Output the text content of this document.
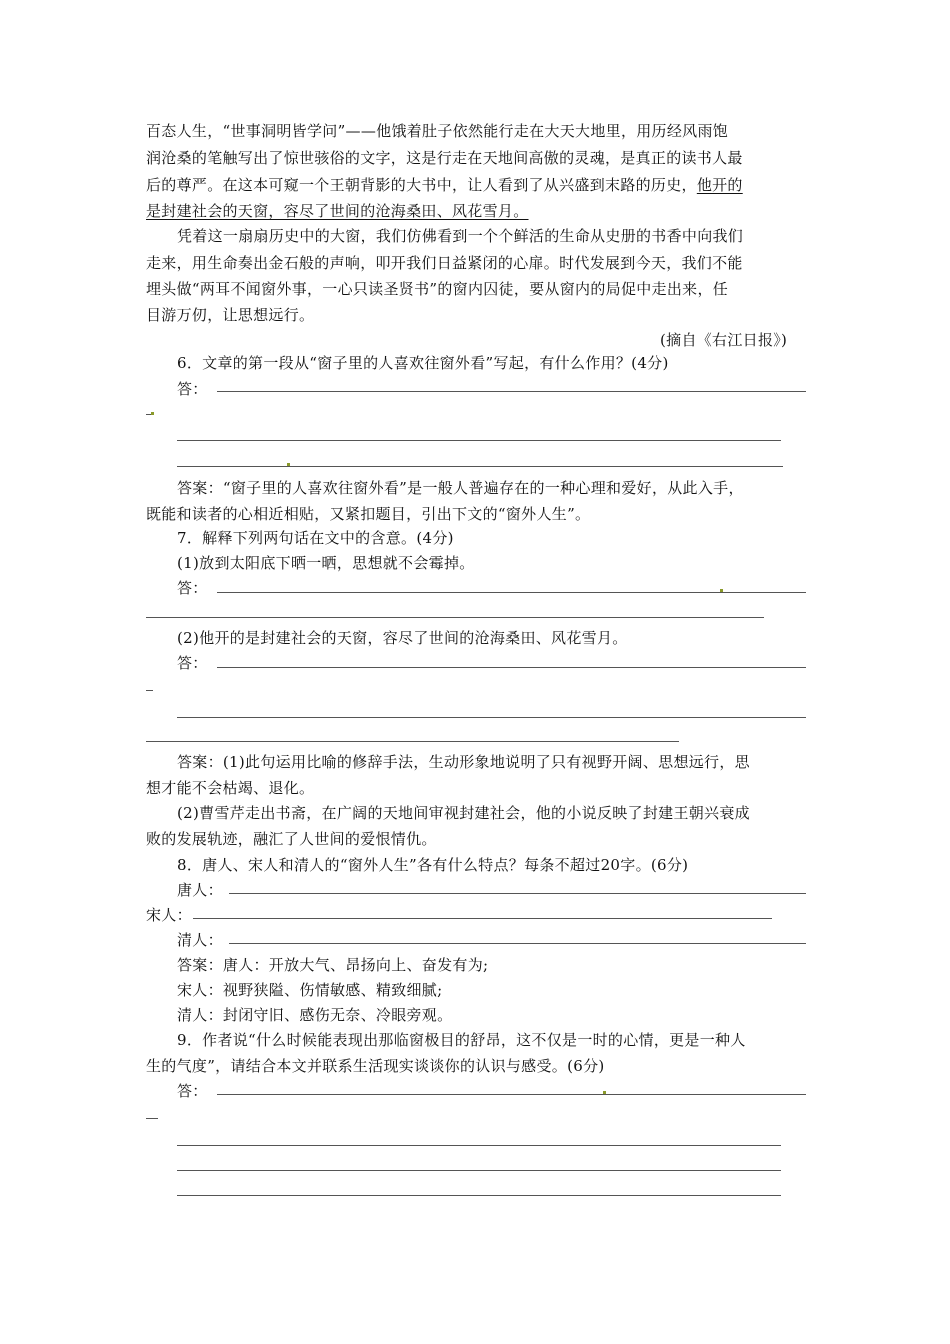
百态人生，“世事洞明皆学问”——他饿着肚子依然能行走在大天大地里，用历经风雨饱
润沧桑的笔触写出了惊世骇俗的文字，这是行走在天地间高傲的灵魂，是真正的读书人最
后的尊严。在这本可窥一个王朝背影的大书中，让人看到了从兴盛到末路的历史，他开的
是封建社会的天窗，容尽了世间的沧海桑田、风花雪月。
凭着这一扇扇历史中的大窗，我们仿佛看到一个个鲜活的生命从史册的书香中向我们
走来，用生命奏出金石般的声响，叩开我们日益紧闭的心扉。时代发展到今天，我们不能
埋头做“两耳不闻窗外事，一心只读圣贤书”的窗内囚徒，要从窗内的局促中走出来，任
目游万仞，让思想远行。
(摘自《右江日报》)
6．文章的第一段从“窗子里的人喜欢往窗外看”写起，有什么作用？(4分)
答：
答案：“窗子里的人喜欢往窗外看”是一般人普遍存在的一种心理和爱好，从此入手，
既能和读者的心相近相贴，又紧扣题目，引出下文的“窗外人生”。
7．解释下列两句话在文中的含意。(4分)
(1)放到太阳底下晒一晒，思想就不会霉掉。
答：
(2)他开的是封建社会的天窗，容尽了世间的沧海桑田、风花雪月。
答：
答案：(1)此句运用比喻的修辞手法，生动形象地说明了只有视野开阔、思想远行，思
想才能不会枯竭、退化。
(2)曹雪芹走出书斋，在广阔的天地间审视封建社会，他的小说反映了封建王朝兴衰成
败的发展轨迹，融汇了人世间的爱恨情仇。
8．唐人、宋人和清人的“窗外人生”各有什么特点？每条不超过20字。(6分)
唐人：
宋人：
清人：
答案：唐人：开放大气、昂扬向上、奋发有为;
宋人：视野狭隘、伤情敏感、精致细腻;
清人：封闭守旧、感伤无奈、冷眼旁观。
9．作者说“什么时候能表现出那临窗极目的舒昂，这不仅是一时的心情，更是一种人
生的气度”，请结合本文并联系生活现实谈谈你的认识与感受。(6分)
答：
